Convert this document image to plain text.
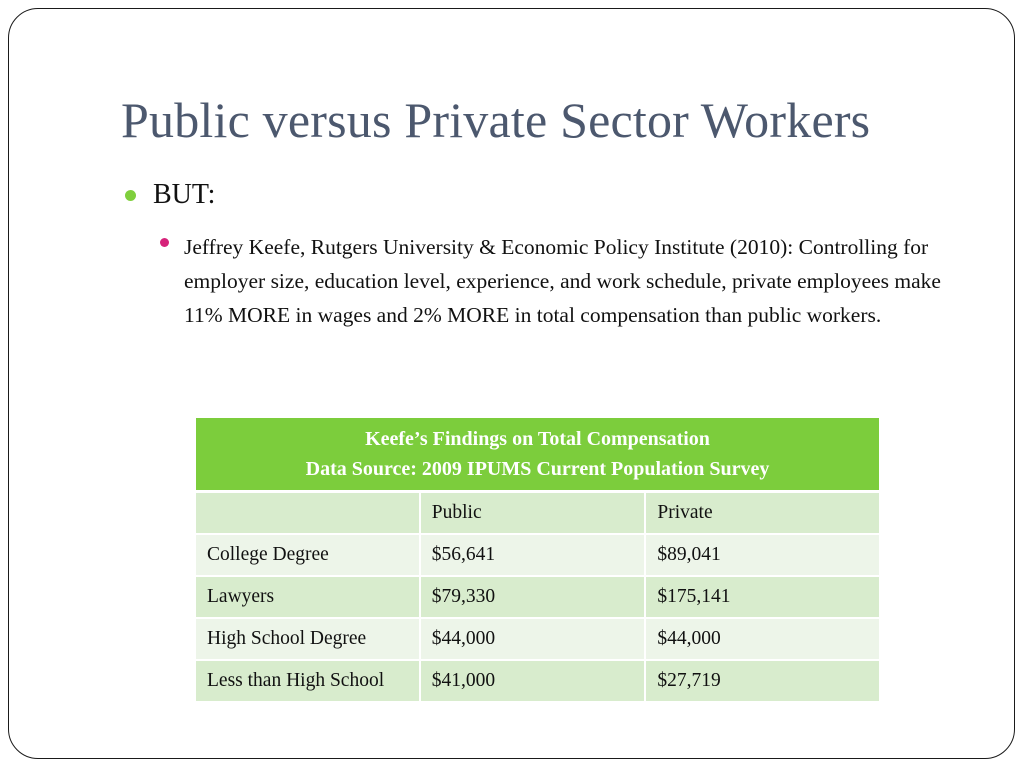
Public versus Private Sector Workers
BUT:
Jeffrey Keefe, Rutgers University & Economic Policy Institute (2010): Controlling for employer size, education level, experience, and work schedule, private employees make 11% MORE in wages and 2% MORE in total compensation than public workers.
Keefe’s Findings on Total Compensation
Data Source: 2009 IPUMS Current Population Survey		

	Public	Private
College Degree	$56,641	$89,041
Lawyers	$79,330	$175,141
High School Degree	$44,000	$44,000
Less than High School	$41,000	$27,719
